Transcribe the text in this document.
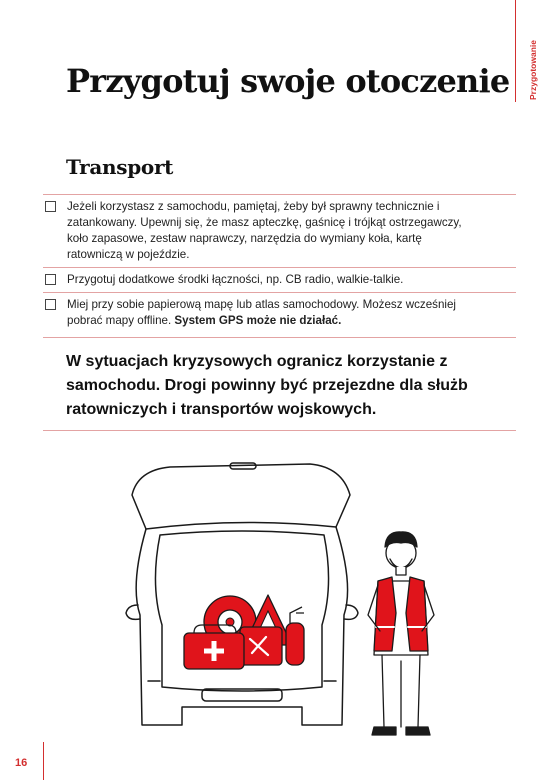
Przygotowanie
Przygotuj swoje otoczenie
Transport
Jeżeli korzystasz z samochodu, pamiętaj, żeby był sprawny technicznie i zatankowany. Upewnij się, że masz apteczkę, gaśnicę i trójkąt ostrzegawczy, koło zapasowe, zestaw naprawczy, narzędzia do wymiany koła, kartę ratowniczą w pojeździe.
Przygotuj dodatkowe środki łączności, np. CB radio, walkie-talkie.
Miej przy sobie papierową mapę lub atlas samochodowy. Możesz wcześniej pobrać mapy offline. System GPS może nie działać.

W sytuacjach kryzysowych ogranicz korzystanie z samochodu. Drogi powinny być przejezdne dla służb ratowniczych i transportów wojskowych.

16
